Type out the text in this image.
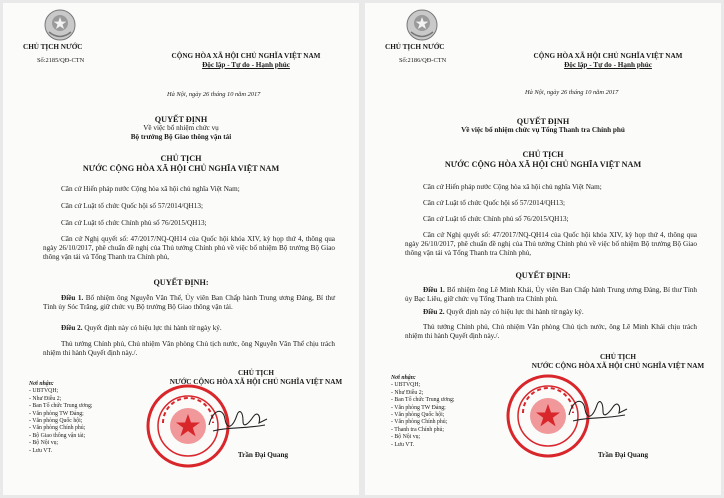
CHỦ TỊCH NƯỚC
Số:2185/QĐ-CTN
CỘNG HÒA XÃ HỘI CHỦ NGHĨA VIỆT NAM
Độc lập - Tự do - Hạnh phúc
Hà Nội, ngày 26 tháng 10 năm 2017
QUYẾT ĐỊNH
Về việc bổ nhiệm chức vụ
Bộ trưởng Bộ Giao thông vận tải
CHỦ TỊCH
NƯỚC CỘNG HÒA XÃ HỘI CHỦ NGHĨA VIỆT NAM
Căn cứ Hiến pháp nước Cộng hòa xã hội chủ nghĩa Việt Nam;
Căn cứ Luật tổ chức Quốc hội số 57/2014/QH13;
Căn cứ Luật tổ chức Chính phủ số 76/2015/QH13;
Căn cứ Nghị quyết số: 47/2017/NQ-QH14 của Quốc hội khóa XIV, kỳ họp thứ 4, thông qua ngày 26/10/2017, phê chuẩn đề nghị của Thủ tướng Chính phủ về việc bổ nhiệm Bộ trưởng Bộ Giao thông vận tải và Tổng Thanh tra Chính phủ,
QUYẾT ĐỊNH:
Điều 1. Bổ nhiệm ông Nguyễn Văn Thể, Ủy viên Ban Chấp hành Trung ương Đảng, Bí thư Tỉnh ủy Sóc Trăng, giữ chức vụ Bộ trưởng Bộ Giao thông vận tải.
Điều 2. Quyết định này có hiệu lực thi hành từ ngày ký.
Thủ tướng Chính phủ, Chủ nhiệm Văn phòng Chủ tịch nước, ông Nguyễn Văn Thể chịu trách nhiệm thi hành Quyết định này./.
CHỦ TỊCH
NƯỚC CỘNG HÒA XÃ HỘI CHỦ NGHĨA VIỆT NAM
Nơi nhận:
- UBTVQH;
- Như Điều 2;
- Ban Tổ chức Trung ương;
- Văn phòng TW Đảng;
- Văn phòng Quốc hội;
- Văn phòng Chính phủ;
- Bộ Giao thông vận tải;
- Bộ Nội vụ;
- Lưu VT.
Trần Đại Quang
CHỦ TỊCH NƯỚC
Số:2186/QĐ-CTN
CỘNG HÒA XÃ HỘI CHỦ NGHĨA VIỆT NAM
Độc lập - Tự do - Hạnh phúc
Hà Nội, ngày 26 tháng 10 năm 2017
QUYẾT ĐỊNH
Về việc bổ nhiệm chức vụ Tổng Thanh tra Chính phủ
CHỦ TỊCH
NƯỚC CỘNG HÒA XÃ HỘI CHỦ NGHĨA VIỆT NAM
Căn cứ Hiến pháp nước Cộng hòa xã hội chủ nghĩa Việt Nam;
Căn cứ Luật tổ chức Quốc hội số 57/2014/QH13;
Căn cứ Luật tổ chức Chính phủ số 76/2015/QH13;
Căn cứ Nghị quyết số: 47/2017/NQ-QH14 của Quốc hội khóa XIV, kỳ họp thứ 4, thông qua ngày 26/10/2017, phê chuẩn đề nghị của Thủ tướng Chính phủ về việc bổ nhiệm Bộ trưởng Bộ Giao thông vận tải và Tổng Thanh tra Chính phủ,
QUYẾT ĐỊNH:
Điều 1. Bổ nhiệm ông Lê Minh Khái, Ủy viên Ban Chấp hành Trung ương Đảng, Bí thư Tỉnh ủy Bạc Liêu, giữ chức vụ Tổng Thanh tra Chính phủ.
Điều 2. Quyết định này có hiệu lực thi hành từ ngày ký.
Thủ tướng Chính phủ, Chủ nhiệm Văn phòng Chủ tịch nước, ông Lê Minh Khái chịu trách nhiệm thi hành Quyết định này./.
CHỦ TỊCH
NƯỚC CỘNG HÒA XÃ HỘI CHỦ NGHĨA VIỆT NAM
Nơi nhận:
- UBTVQH;
- Như Điều 2;
- Ban Tổ chức Trung ương;
- Văn phòng TW Đảng;
- Văn phòng Quốc hội;
- Văn phòng Chính phủ;
- Thanh tra Chính phủ;
- Bộ Nội vụ;
- Lưu VT.
Trần Đại Quang
